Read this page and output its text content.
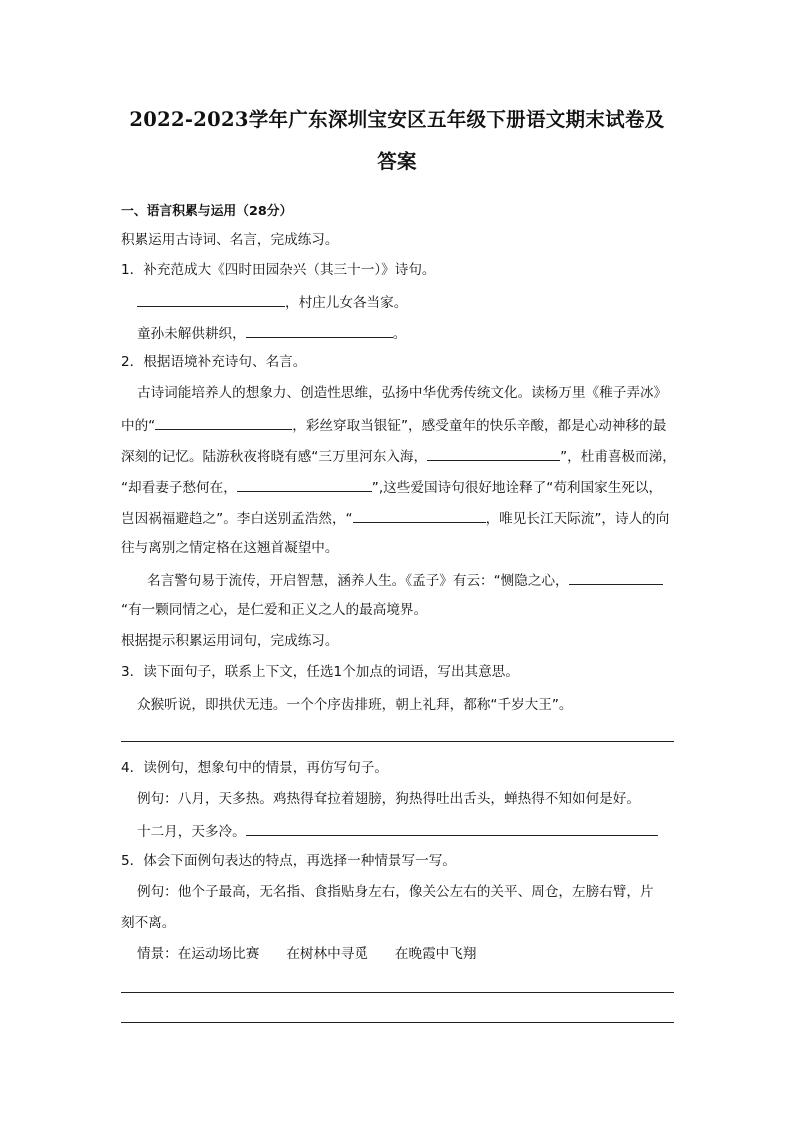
2022-2023学年广东深圳宝安区五年级下册语文期末试卷及
答案
一、语言积累与运用（28分）
积累运用古诗词、名言，完成练习。
1．补充范成大《四时田园杂兴（其三十一）》诗句。
，村庄儿女各当家。
童孙未解供耕织，	。
2．根据语境补充诗句、名言。
古诗词能培养人的想象力、创造性思维，弘扬中华优秀传统文化。读杨万里《稚子弄冰》
中的“	，彩丝穿取当银钲”，感受童年的快乐辛酸，都是心动神移的最
深刻的记忆。陆游秋夜将晓有感“三万里河东入海，	”，杜甫喜极而涕，
“却看妻子愁何在，	”,这些爱国诗句很好地诠释了“苟利国家生死以，
岂因祸福避趋之”。李白送别孟浩然，“	，唯见长江天际流”，诗人的向
往与离别之情定格在这翘首凝望中。
名言警句易于流传，开启智慧，涵养人生。《孟子》有云：“恻隐之心，
“有一颗同情之心，是仁爱和正义之人的最高境界。
根据提示积累运用词句，完成练习。
3．读下面句子，联系上下文，任选1个加点的词语，写出其意思。
众猴听说，即拱伏无违。一个个序齿排班，朝上礼拜，都称“千岁大王”。
4．读例句，想象句中的情景，再仿写句子。
例句：八月，天多热。鸡热得耷拉着翅膀，狗热得吐出舌头，蝉热得不知如何是好。
十二月，天多冷。
5．体会下面例句表达的特点，再选择一种情景写一写。
例句：他个子最高，无名指、食指贴身左右，像关公左右的关平、周仓，左膀右臂，片
刻不离。
情景：在运动场比赛 在树林中寻觅 在晚霞中飞翔
